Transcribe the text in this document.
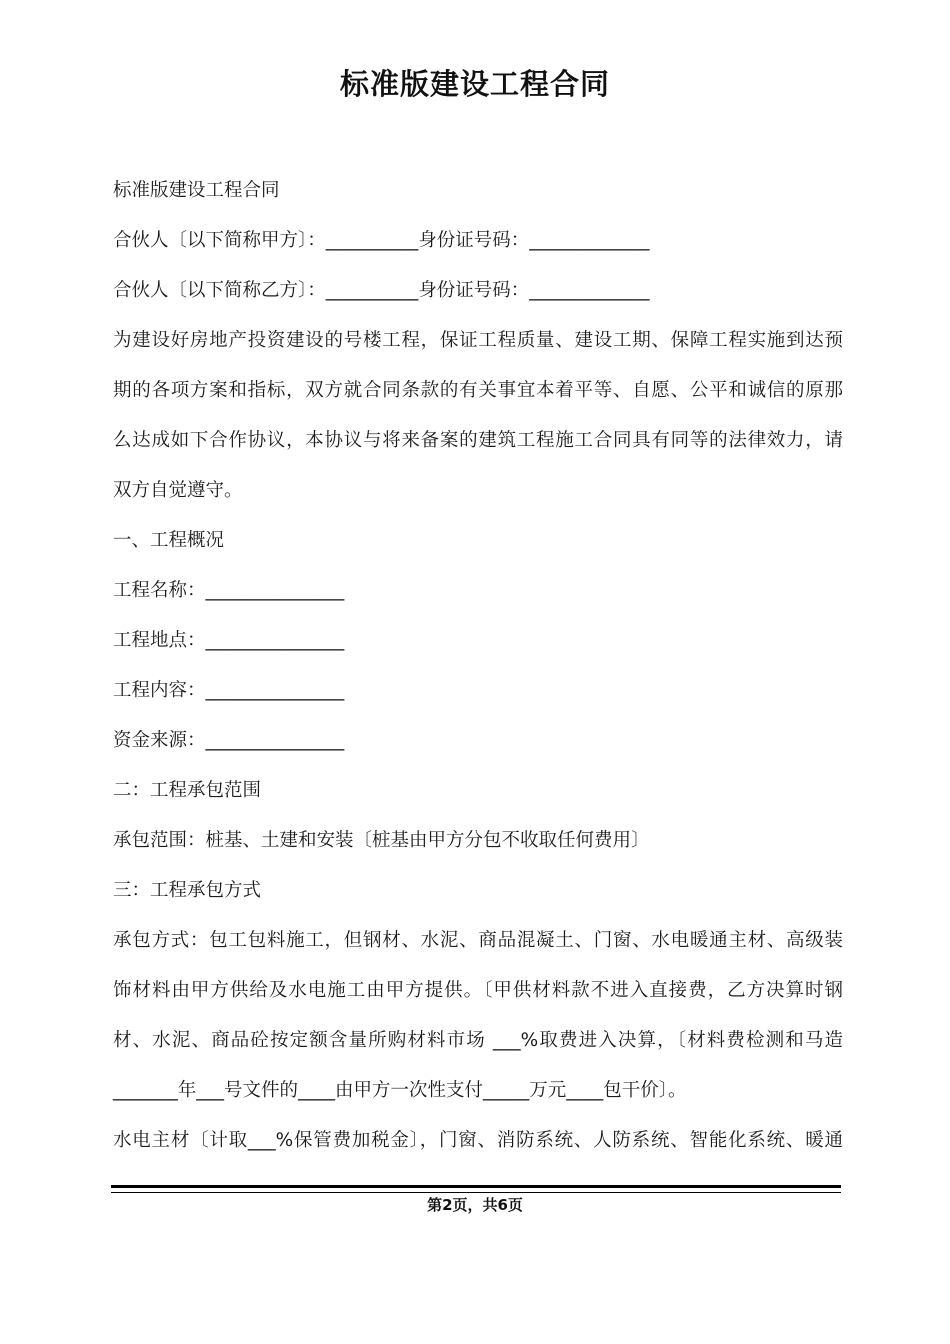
标准版建设工程合同
标准版建设工程合同
合伙人〔以下简称甲方〕：__________身份证号码：_____________
合伙人〔以下简称乙方〕：__________身份证号码：_____________
为建设好房地产投资建设的号楼工程，保证工程质量、建设工期、保障工程实施到达预
期的各项方案和指标，双方就合同条款的有关事宜本着平等、自愿、公平和诚信的原那
么达成如下合作协议，本协议与将来备案的建筑工程施工合同具有同等的法律效力，请
双方自觉遵守。
一、工程概况
工程名称：_______________
工程地点：_______________
工程内容：_______________
资金来源：_______________
二：工程承包范围
承包范围：桩基、土建和安装〔桩基由甲方分包不收取任何费用〕
三：工程承包方式
承包方式：包工包料施工，但钢材、水泥、商品混凝土、门窗、水电暖通主材、高级装
饰材料由甲方供给及水电施工由甲方提供。〔甲供材料款不进入直接费，乙方决算时钢
材、水泥、商品砼按定额含量所购材料市场 ___%取费进入决算，〔材料费检测和马造
_______年___号文件的____由甲方一次性支付_____万元____包干价〕。
水电主材〔计取___%保管费加税金〕，门窗、消防系统、人防系统、智能化系统、暖通
第2页，共6页
